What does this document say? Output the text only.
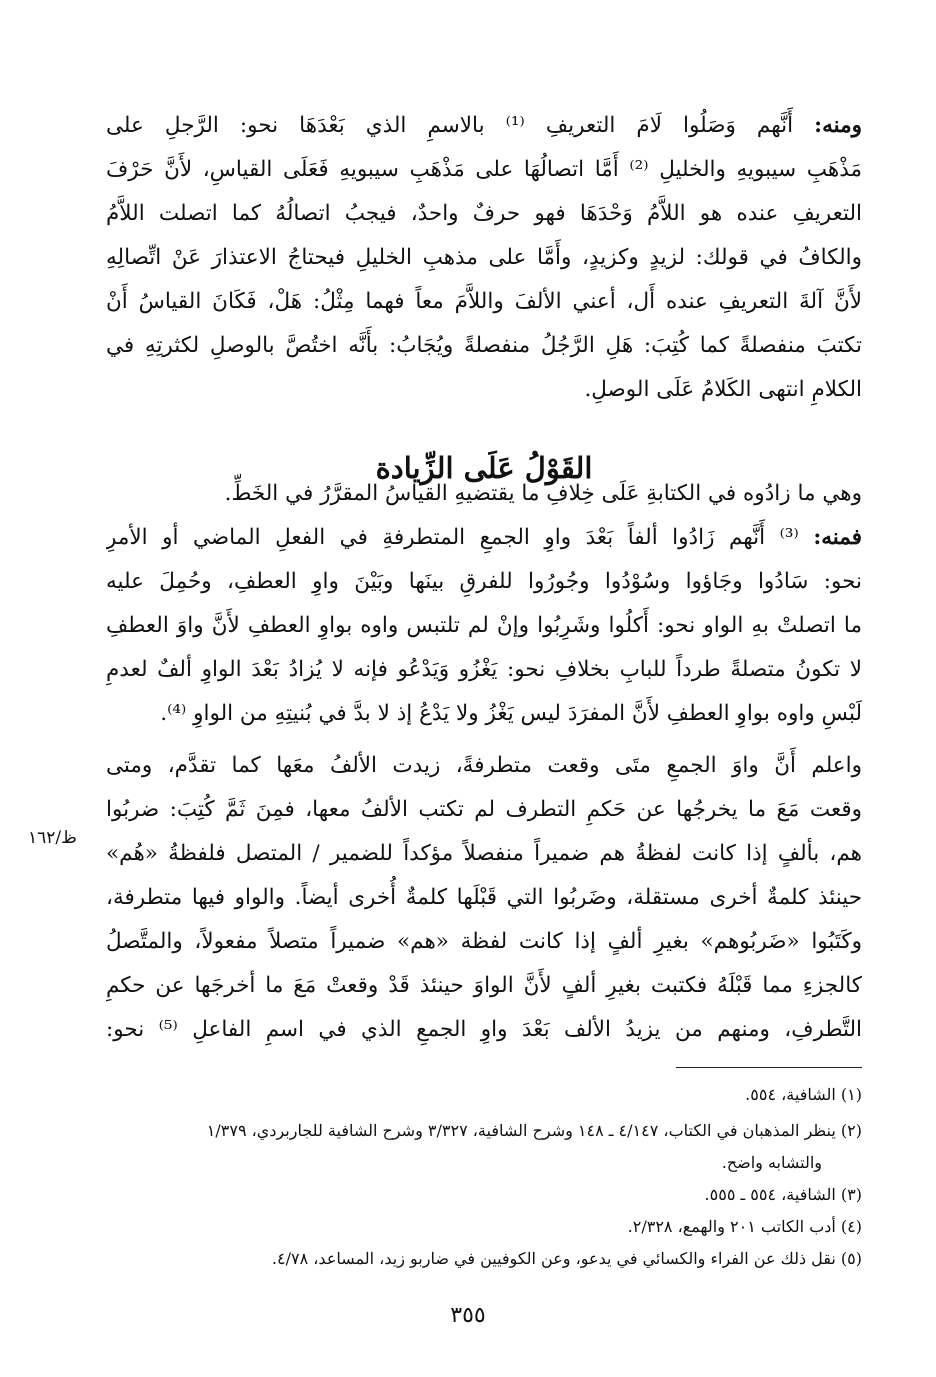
ومنه: أَنَّهم وَصَلُوا لَامَ التعريفِ ⁽¹⁾ بالاسمِ الذي بَعْدَهَا نحو: الرَّجلِ على
مَذْهَبِ سيبويهِ والخليلِ ⁽²⁾ أَمَّا اتصالُهَا على مَذْهَبِ سيبويهِ فَعَلَى القياسِ، لأَنَّ حَرْفَ
التعريفِ عنده هو اللاَّمُ وَحْدَهَا فهو حرفٌ واحدٌ، فيجبُ اتصالُهُ كما اتصلت اللاَّمُ
والكافُ في قولك: لزيدٍ وكزيدٍ، وأَمَّا على مذهبِ الخليلِ فيحتاجُ الاعتذارَ عَنْ اتِّصالِهِ
لأَنَّ آلةَ التعريفِ عنده أَل، أعني الألفَ واللاَّمَ معاً فهما مِثْلُ: هَلْ، فَكَانَ القياسُ أَنْ
تكتبَ منفصلةً كما كُتِبَ: هَلِ الرَّجُلُ منفصلةً ويُجَابُ: بأَنَّه اختُصَّ بالوصلِ لكثرتِهِ في
الكلامِ انتهى الكَلامُ عَلَى الوصلِ.
القَوْلُ عَلَى الزِّيادة
وهي ما زادُوه في الكتابةِ عَلَى خِلافِ ما يقتضيهِ القياسُ المقرَّرُ في الخَطِّ.
فمنه: ⁽³⁾ أَنَّهم زَادُوا ألفاً بَعْدَ واوِ الجمعِ المتطرفةِ في الفعلِ الماضي أو الأمرِ
نحو: سَادُوا وجَاؤوا وسُوْدُوا وجُورُوا للفرقِ بينَها وبَيْنَ واوِ العطفِ، وحُمِلَ عليه
ما اتصلتْ بهِ الواو نحو: أَكلُوا وشَرِبُوا وإنْ لم تلتبس واوه بواوِ العطفِ لأَنَّ واوَ العطفِ
لا تكونُ متصلةً طرداً للبابِ بخلافِ نحو: يَغْزُو وَيَدْعُو فإنه لا يُزادُ بَعْدَ الواوِ ألفٌ لعدمِ
لَبْسِ واوه بواوِ العطفِ لأَنَّ المفرَدَ ليس يَغْزُ ولا يَدْعُ إذ لا بدَّ في بُنيتِهِ من الواوِ ⁽⁴⁾.
واعلم أَنَّ واوَ الجمعِ متَى وقعت متطرفةً، زيدت الألفُ معَها كما تقدَّم، ومتى
وقعت مَعَ ما يخرجُها عن حَكمِ التطرف لم تكتب الألفُ معها، فمِنَ ثَمَّ كُتِبَ: ضربُوا
هم، بألفٍ إذا كانت لفظةُ هم ضميراً منفصلاً مؤكداً للضمير / المتصل فلفظةُ «هُم»
حينئذ كلمةٌ أخرى مستقلة، وضَربُوا التي قَبْلَها كلمةٌ أُخرى أيضاً. والواو فيها متطرفة،
وكَتَبُوا «ضَربُوهم» بغيرِ ألفٍ إذا كانت لفظة «هم» ضميراً متصلاً مفعولاً، والمتَّصلُ
كالجزءِ مما قَبْلَهُ فكتبت بغيرِ ألفٍ لأَنَّ الواوَ حينئذ قَدْ وقعتْ مَعَ ما أخرجَها عن حكمِ
التَّطرفِ، ومنهم من يزيدُ الألف بَعْدَ واوِ الجمعِ الذي في اسمِ الفاعلِ ⁽⁵⁾ نحو:
ظ/١٦٢
(١) الشافية، ٥٥٤.
(٢) ينظر المذهبان في الكتاب، ٤/١٤٧ ـ ١٤٨ وشرح الشافية، ٣/٣٢٧ وشرح الشافية للجاربردي، ١/٣٧٩
والتشابه واضح.
(٣) الشافية، ٥٥٤ ـ ٥٥٥.
(٤) أدب الكاتب ٢٠١ والهمع، ٢/٣٢٨.
(٥) نقل ذلك عن الفراء والكسائي في يدعو، وعن الكوفيين في ضاربو زيد، المساعد، ٤/٧٨.
٣٥٥
